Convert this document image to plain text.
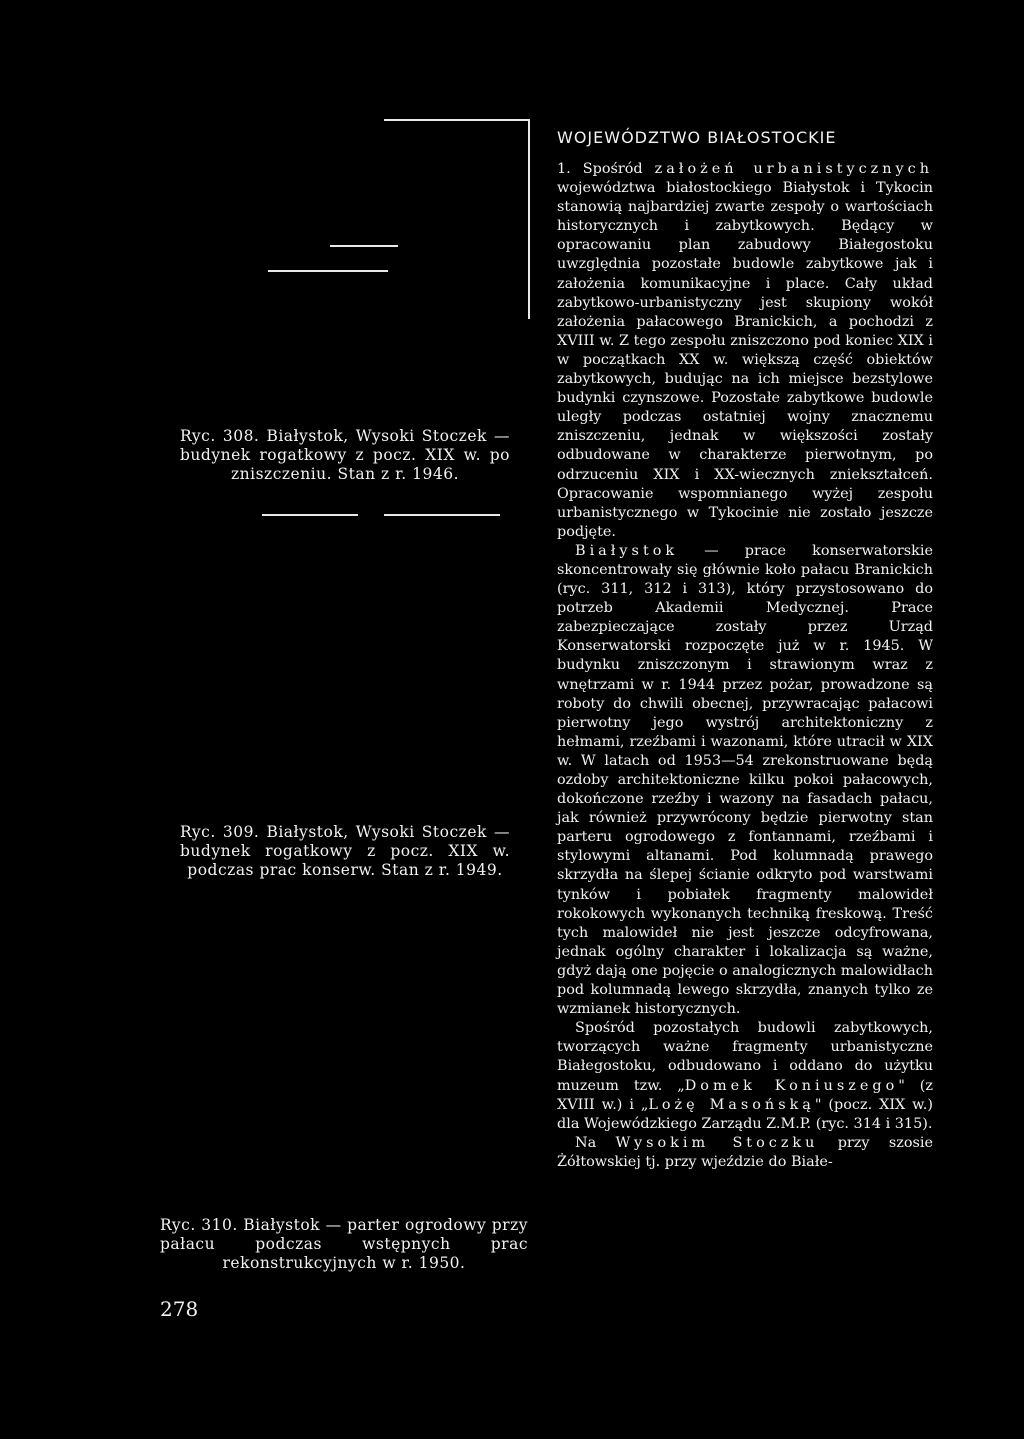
Ryc. 308. Białystok, Wysoki Stoczek — budynek rogatkowy z pocz. XIX w. po zniszczeniu. Stan z r. 1946.
Ryc. 309. Białystok, Wysoki Stoczek — budynek rogatkowy z pocz. XIX w. podczas prac konserw. Stan z r. 1949.
Ryc. 310. Białystok — parter ogrodowy przy pałacu podczas wstępnych prac rekonstrukcyjnych w r. 1950.
WOJEWÓDZTWO BIAŁOSTOCKIE

1. Spośród założeń urbanistycznych województwa białostockiego Białystok i Tykocin stanowią najbardziej zwarte zespoły o wartościach historycznych i zabytkowych. Będący w opracowaniu plan zabudowy Białegostoku uwzględnia pozostałe budowle zabytkowe jak i założenia komunikacyjne i place. Cały układ zabytkowo-urbanistyczny jest skupiony wokół założenia pałacowego Branickich, a pochodzi z XVIII w. Z tego zespołu zniszczono pod koniec XIX i w początkach XX w. większą część obiektów zabytkowych, budując na ich miejsce bezstylowe budynki czynszowe. Pozostałe zabytkowe budowle uległy podczas ostatniej wojny znacznemu zniszczeniu, jednak w większości zostały odbudowane w charakterze pierwotnym, po odrzuceniu XIX i XX-wiecznych zniekształceń. Opracowanie wspomnianego wyżej zespołu urbanistycznego w Tykocinie nie zostało jeszcze podjęte.

Białystok — prace konserwatorskie skoncentrowały się głównie koło pałacu Branickich (ryc. 311, 312 i 313), który przystosowano do potrzeb Akademii Medycznej. Prace zabezpieczające zostały przez Urząd Konserwatorski rozpoczęte już w r. 1945. W budynku zniszczonym i strawionym wraz z wnętrzami w r. 1944 przez pożar, prowadzone są roboty do chwili obecnej, przywracając pałacowi pierwotny jego wystrój architektoniczny z hełmami, rzeźbami i wazonami, które utracił w XIX w. W latach od 1953—54 zrekonstruowane będą ozdoby architektoniczne kilku pokoi pałacowych, dokończone rzeźby i wazony na fasadach pałacu, jak również przywrócony będzie pierwotny stan parteru ogrodowego z fontannami, rzeźbami i stylowymi altanami. Pod kolumnadą prawego skrzydła na ślepej ścianie odkryto pod warstwami tynków i pobiałek fragmenty malowideł rokokowych wykonanych techniką freskową. Treść tych malowideł nie jest jeszcze odcyfrowana, jednak ogólny charakter i lokalizacja są ważne, gdyż dają one pojęcie o analogicznych malowidłach pod kolumnadą lewego skrzydła, znanych tylko ze wzmianek historycznych.

Spośród pozostałych budowli zabytkowych, tworzących ważne fragmenty urbanistyczne Białegostoku, odbudowano i oddano do użytku muzeum tzw. „Domek Koniuszego" (z XVIII w.) i „Lożę Masońską" (pocz. XIX w.) dla Wojewódzkiego Zarządu Z.M.P. (ryc. 314 i 315).

Na Wysokim Stoczku przy szosie Żółtowskiej tj. przy wjeździe do Białe-

278
